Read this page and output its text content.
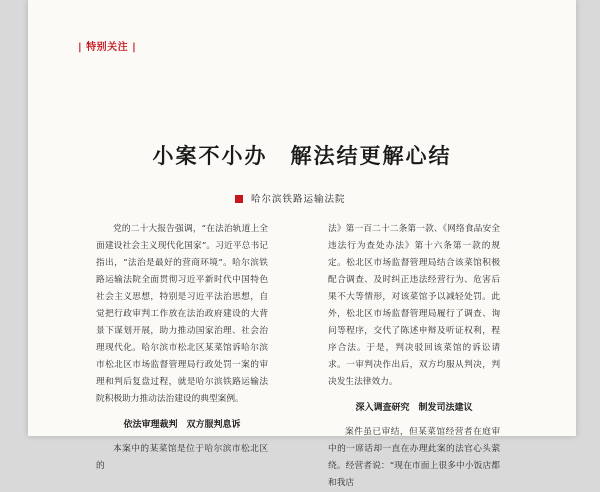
| 特别关注 |
小案不小办　解法结更解心结
哈尔滨铁路运输法院

党的二十大报告强调，“在法治轨道上全面建设社会主义现代化国家”。习近平总书记指出，“法治是最好的营商环境”。哈尔滨铁路运输法院全面贯彻习近平新时代中国特色社会主义思想，特别是习近平法治思想，自觉把行政审判工作放在法治政府建设的大背景下谋划开展，助力推动国家治理、社会治理现代化。哈尔滨市松北区某菜馆诉哈尔滨市松北区市场监督管理局行政处罚一案的审理和判后复盘过程，就是哈尔滨铁路运输法院积极助力推动法治建设的典型案例。

依法审理裁判　双方服判息诉

本案中的某菜馆是位于哈尔滨市松北区的

法》第一百二十二条第一款、《网络食品安全违法行为查处办法》第十六条第一款的规定。松北区市场监督管理局结合该菜馆积极配合调查、及时纠正违法经营行为、危害后果不大等情形，对该菜馆予以减轻处罚。此外，松北区市场监督管理局履行了调查、询问等程序，交代了陈述申辩及听证权利，程序合法。于是，判决驳回该菜馆的诉讼请求。一审判决作出后，双方均服从判决，判决发生法律效力。

深入调查研究　制发司法建议

案件虽已审结，但某菜馆经营者在庭审中的一席话却一直在办理此案的法官心头萦绕。经营者说：“现在市面上很多中小饭店都和我店
